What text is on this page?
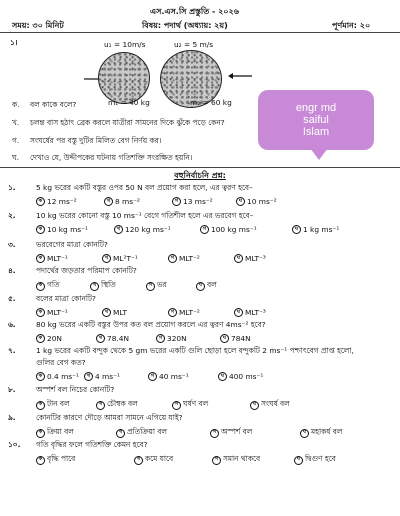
এস.এস.সি প্রস্তুতি - ২০২৬
সময়: ৩০ মিনিট	বিষয়: পদার্থ (অধ্যায়: ২য়)	পূর্ণমান: ২০
১।	u₁ = 10m/s
m₁ = 40 kg
u₂ = 5 m/s
m₂ = 60 kg
ক. বল কাকে বলে?
খ. চলন্ত বাস হঠাৎ ব্রেক করলে যাত্রীরা সামনের দিকে ঝুঁকে পড়ে কেন?
গ. সংঘর্ষের পর বস্তু দুটির মিলিত বেগ নির্ণয় কর।
ঘ. দেখাও যে, উদ্দীপকের ঘটনায় গতিশক্তি সংরক্ষিত হয়নি।
engr md
saiful
Islam
বহুনির্বাচনি প্রশ্ন:
১.	5 kg ভরের একটি বস্তুর ওপর 50 N বল প্রয়োগ করা হলে, এর ত্বরণ হবে–
ক 12 ms⁻²	খ 8 ms⁻²	গ 13 ms⁻²	ঘ 10 ms⁻²
২.	10 kg ভরের কোনো বস্তু 10 ms⁻¹ বেগে গতিশীল হলে এর ভরবেগ হবে–
ক 10 kg ms⁻¹	খ 120 kg ms⁻¹	গ 100 kg ms⁻¹	ঘ 1 kg ms⁻¹
৩.	ভরবেগের মাত্রা কোনটি?
ক MLT⁻¹	খ ML²T⁻¹	গ MLT⁻²	ঘ MLT⁻³
৪.	পদার্থের জড়তার পরিমাপ কোনটি?
ক গতি	খ স্থিতি	গ ভর	ঘ বল
৫.	বলের মাত্রা কোনটি?
ক MLT⁻¹	খ MLT	গ MLT⁻²	ঘ MLT⁻³
৬.	80 kg ভরের একটি বস্তুর উপর কত বল প্রয়োগ করলে এর ত্বরণ 4ms⁻² হবে?
ক 20N	খ 78.4N	গ 320N	ঘ 784N
৭.	1 kg ভরের একটি বন্দুক থেকে 5 gm ভরের একটি গুলি ছোড়া হলে বন্দুকটি 2 ms⁻¹ পশ্চাৎবেগ প্রাপ্ত হলো,
গুলির বেগ কত?
ক 0.4 ms⁻¹	খ 4 ms⁻¹	গ 40 ms⁻¹	ঘ 400 ms⁻¹
৮.	অস্পর্শ বল নিচের কোনটি?
ক টান বল	খ চৌম্বক বল	গ ঘর্ষণ বল	ঘ সংঘর্ষ বল
৯.	কোনটির কারণে দৌড়ে আমরা সামনে এগিয়ে যাই?
ক ক্রিয়া বল	খ প্রতিক্রিয়া বল	গ অস্পর্শ বল	ঘ মহাকর্ষ বল
১০. গতি বৃদ্ধির ফলে গতিশক্তি কেমন হবে?
ক বৃদ্ধি পাবে	খ কমে যাবে	গ সমান থাকবে	ঘ দ্বিগুণ হবে
